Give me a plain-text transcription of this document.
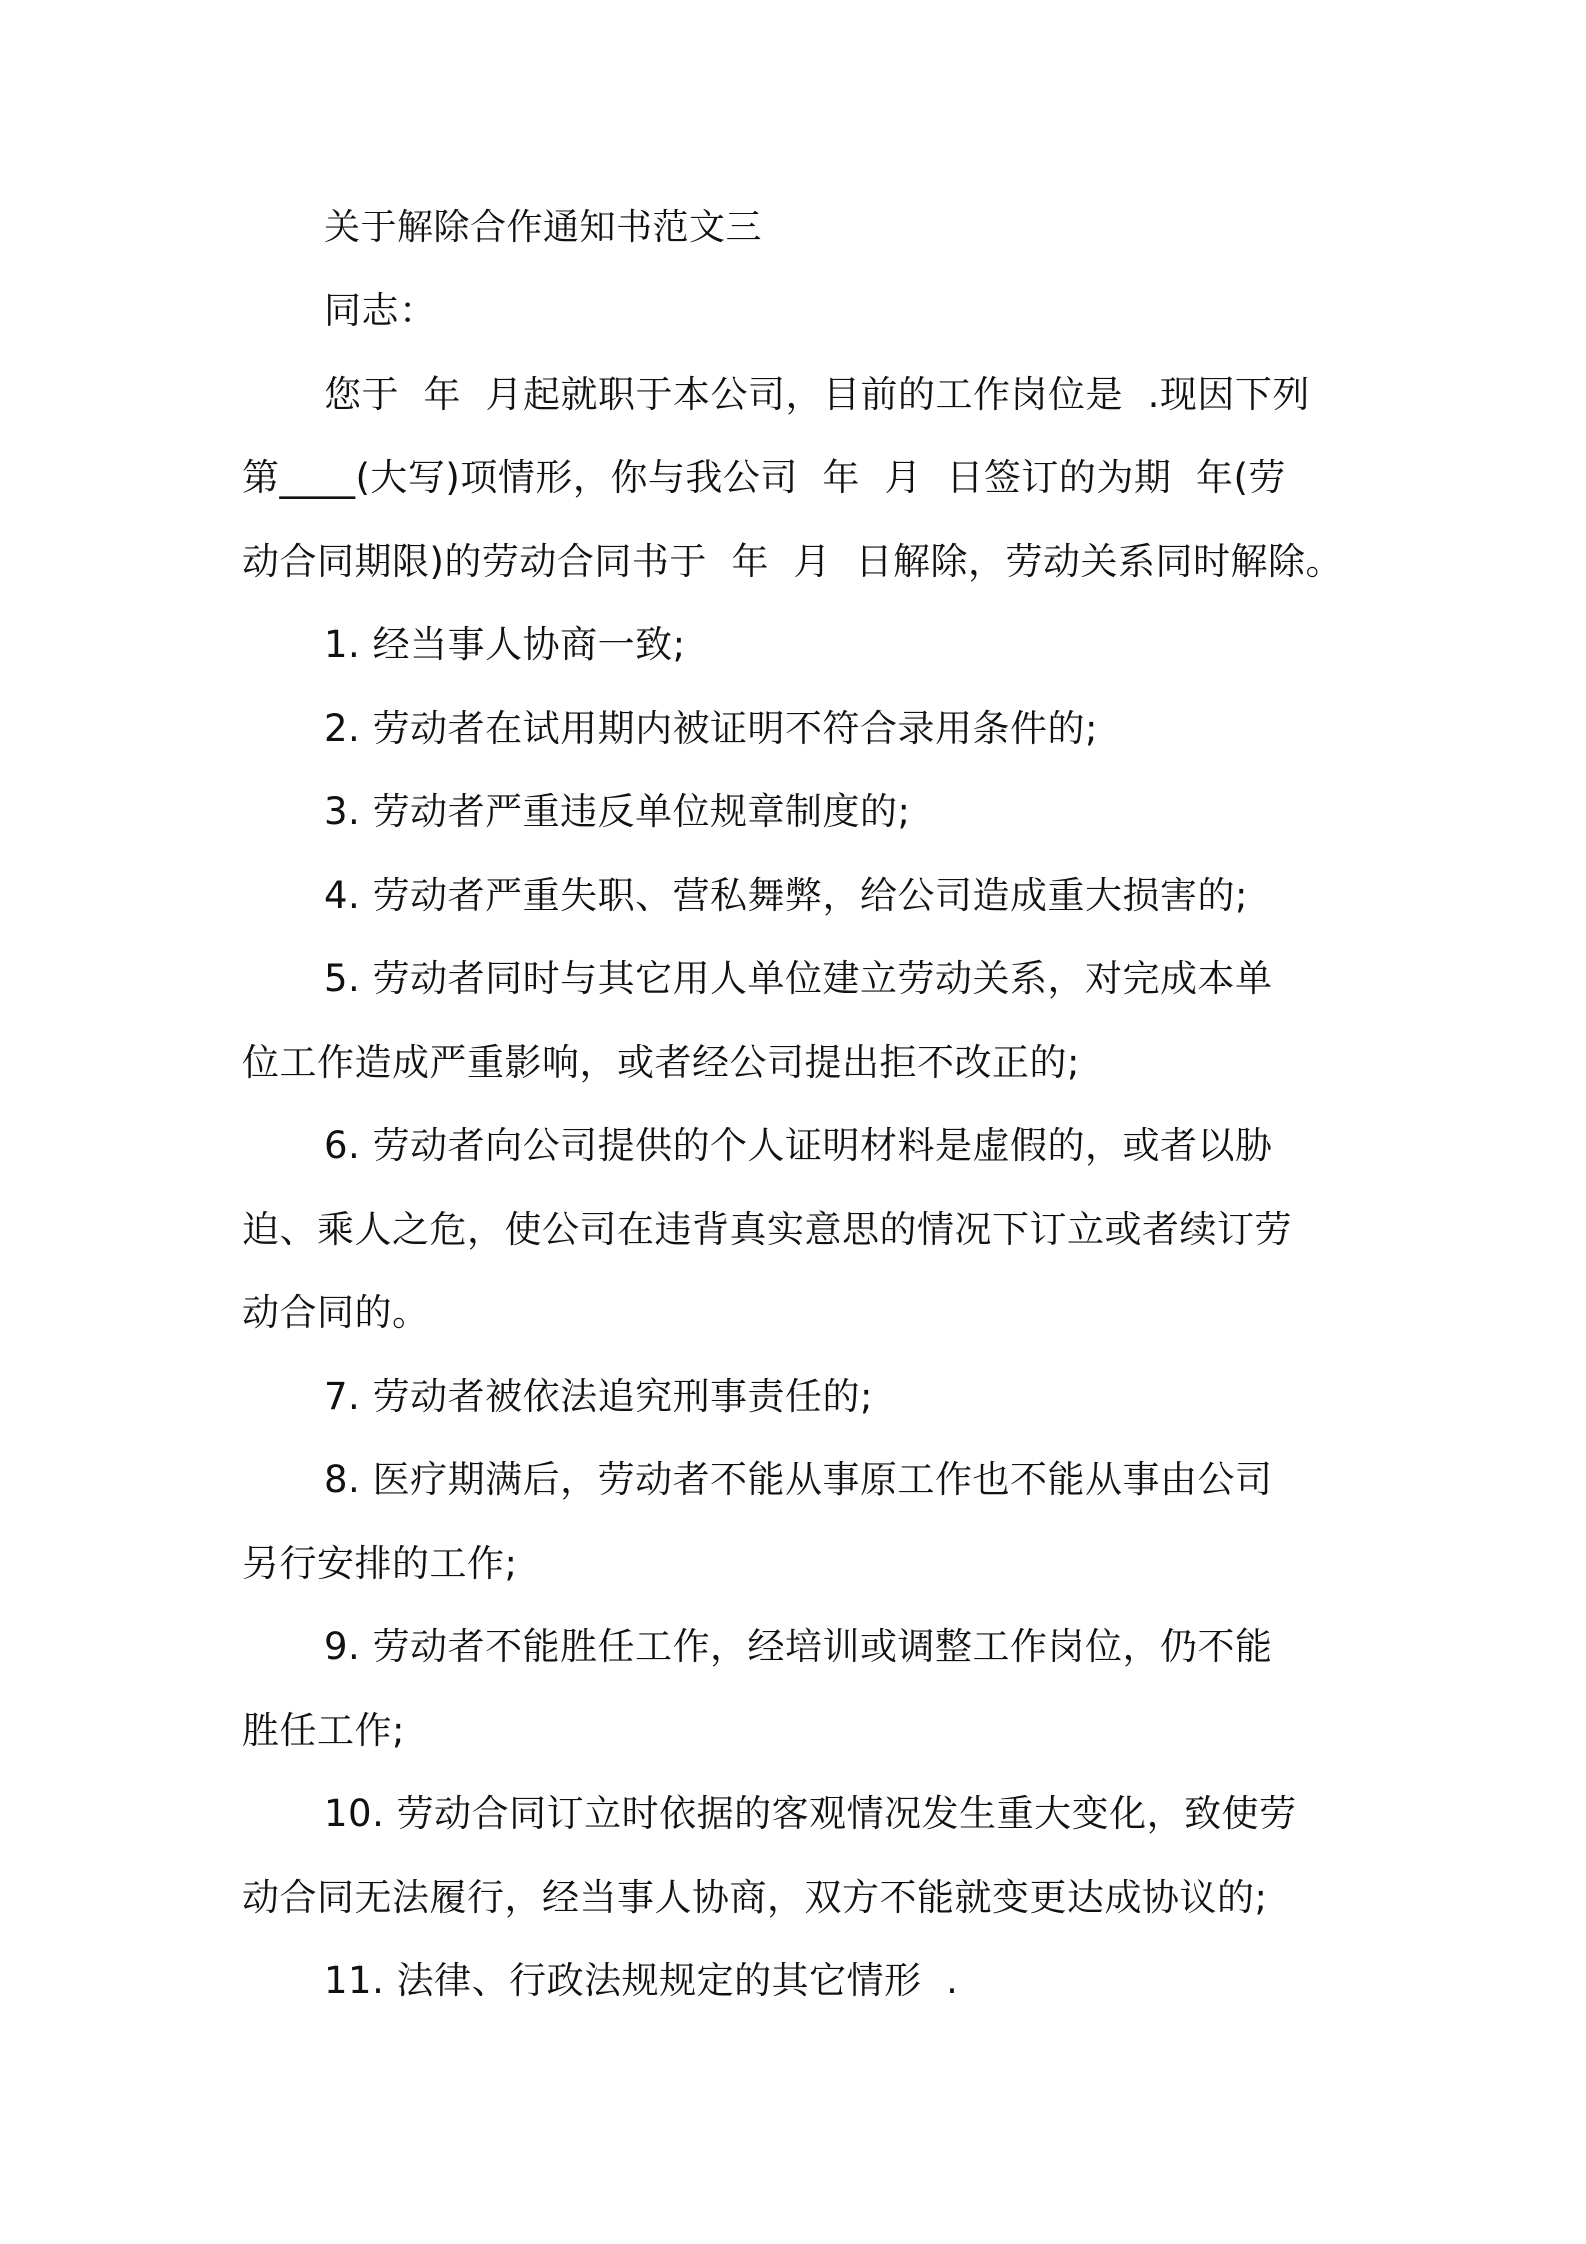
关于解除合作通知书范文三
同志：
您于  年  月起就职于本公司，目前的工作岗位是  .现因下列
第____(大写)项情形，你与我公司  年  月  日签订的为期  年(劳
动合同期限)的劳动合同书于  年  月  日解除，劳动关系同时解除。
1. 经当事人协商一致;
2. 劳动者在试用期内被证明不符合录用条件的;
3. 劳动者严重违反单位规章制度的;
4. 劳动者严重失职、营私舞弊，给公司造成重大损害的;
5. 劳动者同时与其它用人单位建立劳动关系，对完成本单
位工作造成严重影响，或者经公司提出拒不改正的;
6. 劳动者向公司提供的个人证明材料是虚假的，或者以胁
迫、乘人之危，使公司在违背真实意思的情况下订立或者续订劳
动合同的。
7. 劳动者被依法追究刑事责任的;
8. 医疗期满后，劳动者不能从事原工作也不能从事由公司
另行安排的工作;
9. 劳动者不能胜任工作，经培训或调整工作岗位，仍不能
胜任工作;
10. 劳动合同订立时依据的客观情况发生重大变化，致使劳
动合同无法履行，经当事人协商，双方不能就变更达成协议的;
11. 法律、行政法规规定的其它情形  .
